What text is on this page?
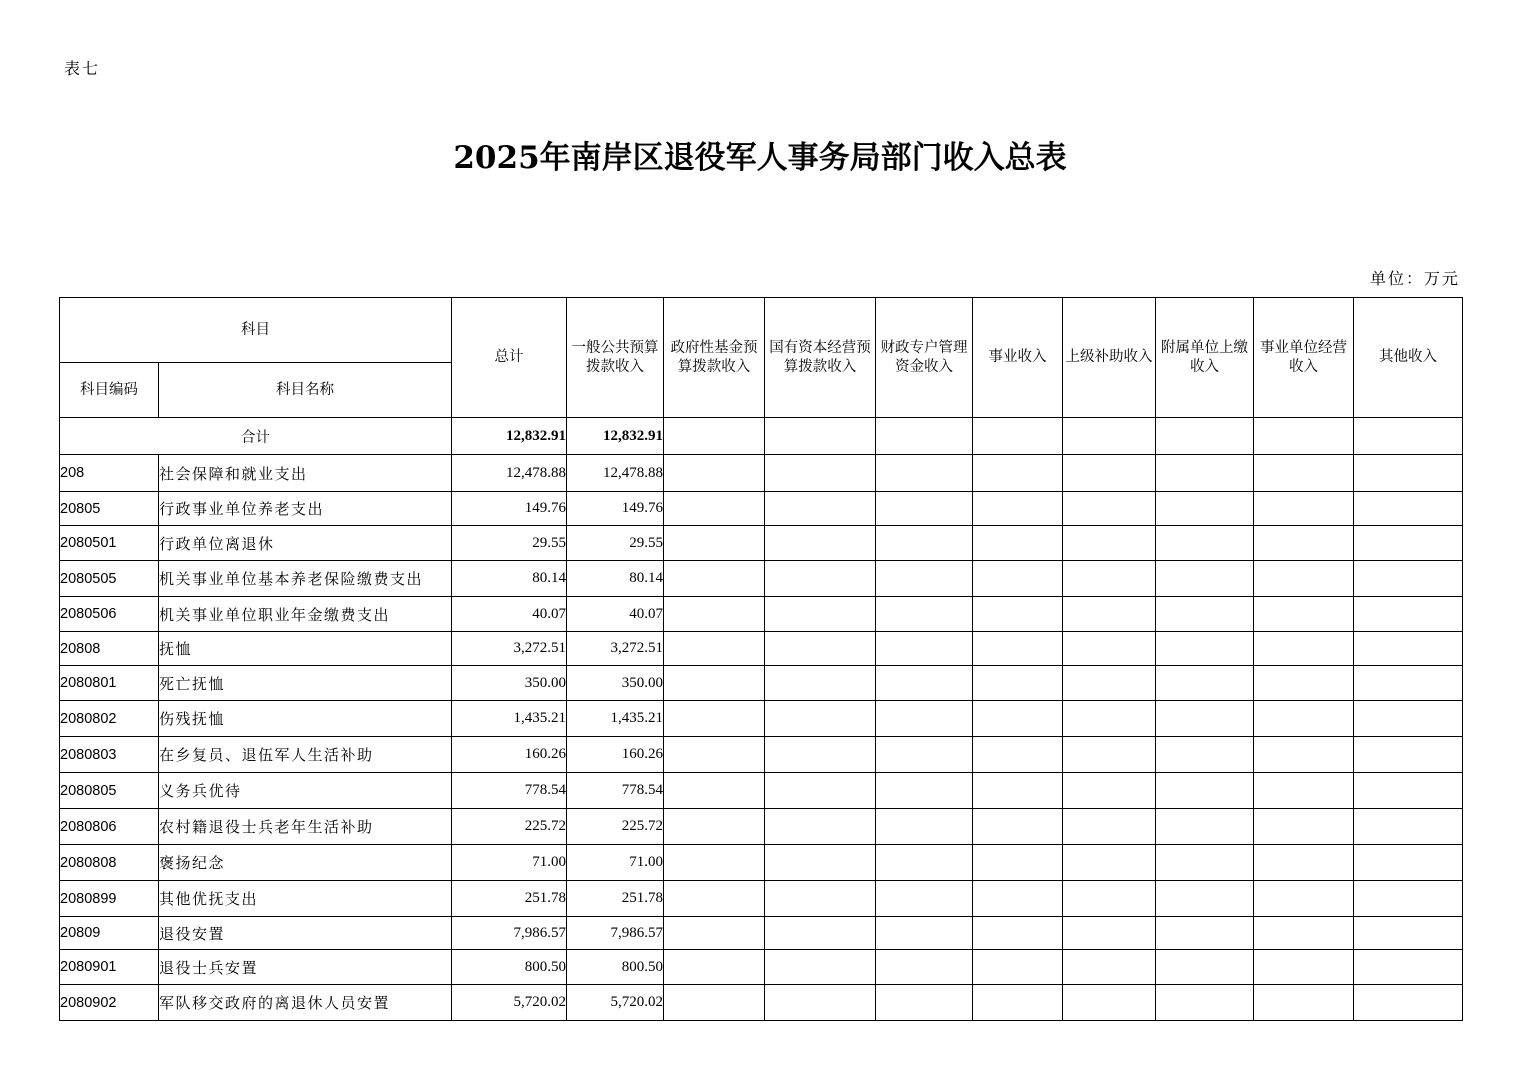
表七
2025年南岸区退役军人事务局部门收入总表
单位：万元
科目		总计	一般公共预算拨款收入	政府性基金预算拨款收入	国有资本经营预算拨款收入	财政专户管理资金收入	事业收入	上级补助收入	附属单位上缴收入	事业单位经营收入	其他收入
科目编码	科目名称										
合计		12,832.91	12,832.91								
208	社会保障和就业支出	12,478.88	12,478.88								
20805	行政事业单位养老支出	149.76	149.76								
2080501	行政单位离退休	29.55	29.55								
2080505	机关事业单位基本养老保险缴费支出	80.14	80.14								
2080506	机关事业单位职业年金缴费支出	40.07	40.07								
20808	抚恤	3,272.51	3,272.51								
2080801	死亡抚恤	350.00	350.00								
2080802	伤残抚恤	1,435.21	1,435.21								
2080803	在乡复员、退伍军人生活补助	160.26	160.26								
2080805	义务兵优待	778.54	778.54								
2080806	农村籍退役士兵老年生活补助	225.72	225.72								
2080808	褒扬纪念	71.00	71.00								
2080899	其他优抚支出	251.78	251.78								
20809	退役安置	7,986.57	7,986.57								
2080901	退役士兵安置	800.50	800.50								
2080902	军队移交政府的离退休人员安置	5,720.02	5,720.02								
